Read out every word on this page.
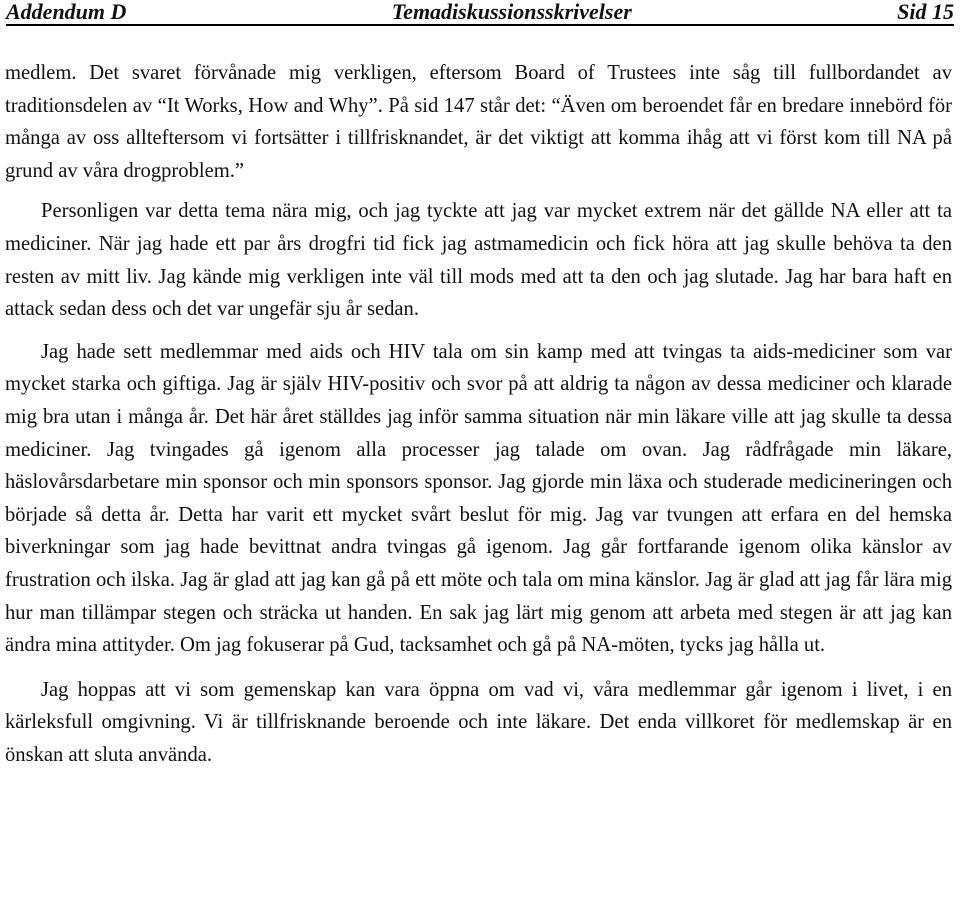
Addendum D	Temadiskussionsskrivelser	Sid 15

medlem. Det svaret förvånade mig verkligen, eftersom Board of Trustees inte såg till fullbordandet av traditionsdelen av “It Works, How and Why”. På sid 147 står det: “Även om beroendet får en bredare innebörd för många av oss allteftersom vi fortsätter i tillfrisknandet, är det viktigt att komma ihåg att vi först kom till NA på grund av våra drogproblem.”

Personligen var detta tema nära mig, och jag tyckte att jag var mycket extrem när det gällde NA eller att ta mediciner. När jag hade ett par års drogfri tid fick jag astmamedicin och fick höra att jag skulle behöva ta den resten av mitt liv. Jag kände mig verkligen inte väl till mods med att ta den och jag slutade. Jag har bara haft en attack sedan dess och det var ungefär sju år sedan.

Jag hade sett medlemmar med aids och HIV tala om sin kamp med att tvingas ta aids-mediciner som var mycket starka och giftiga. Jag är själv HIV-positiv och svor på att aldrig ta någon av dessa mediciner och klarade mig bra utan i många år. Det här året ställdes jag inför samma situation när min läkare ville att jag skulle ta dessa mediciner. Jag tvingades gå igenom alla processer jag talade om ovan. Jag rådfrågade min läkare, häslovårsdarbetare min sponsor och min sponsors sponsor. Jag gjorde min läxa och studerade medicineringen och började så detta år. Detta har varit ett mycket svårt beslut för mig. Jag var tvungen att erfara en del hemska biverkningar som jag hade bevittnat andra tvingas gå igenom. Jag går fortfarande igenom olika känslor av frustration och ilska. Jag är glad att jag kan gå på ett möte och tala om mina känslor. Jag är glad att jag får lära mig hur man tillämpar stegen och sträcka ut handen. En sak jag lärt mig genom att arbeta med stegen är att jag kan ändra mina attityder. Om jag fokuserar på Gud, tacksamhet och gå på NA-möten, tycks jag hålla ut.

Jag hoppas att vi som gemenskap kan vara öppna om vad vi, våra medlemmar går igenom i livet, i en kärleksfull omgivning. Vi är tillfrisknande beroende och inte läkare. Det enda villkoret för medlemskap är en önskan att sluta använda.
